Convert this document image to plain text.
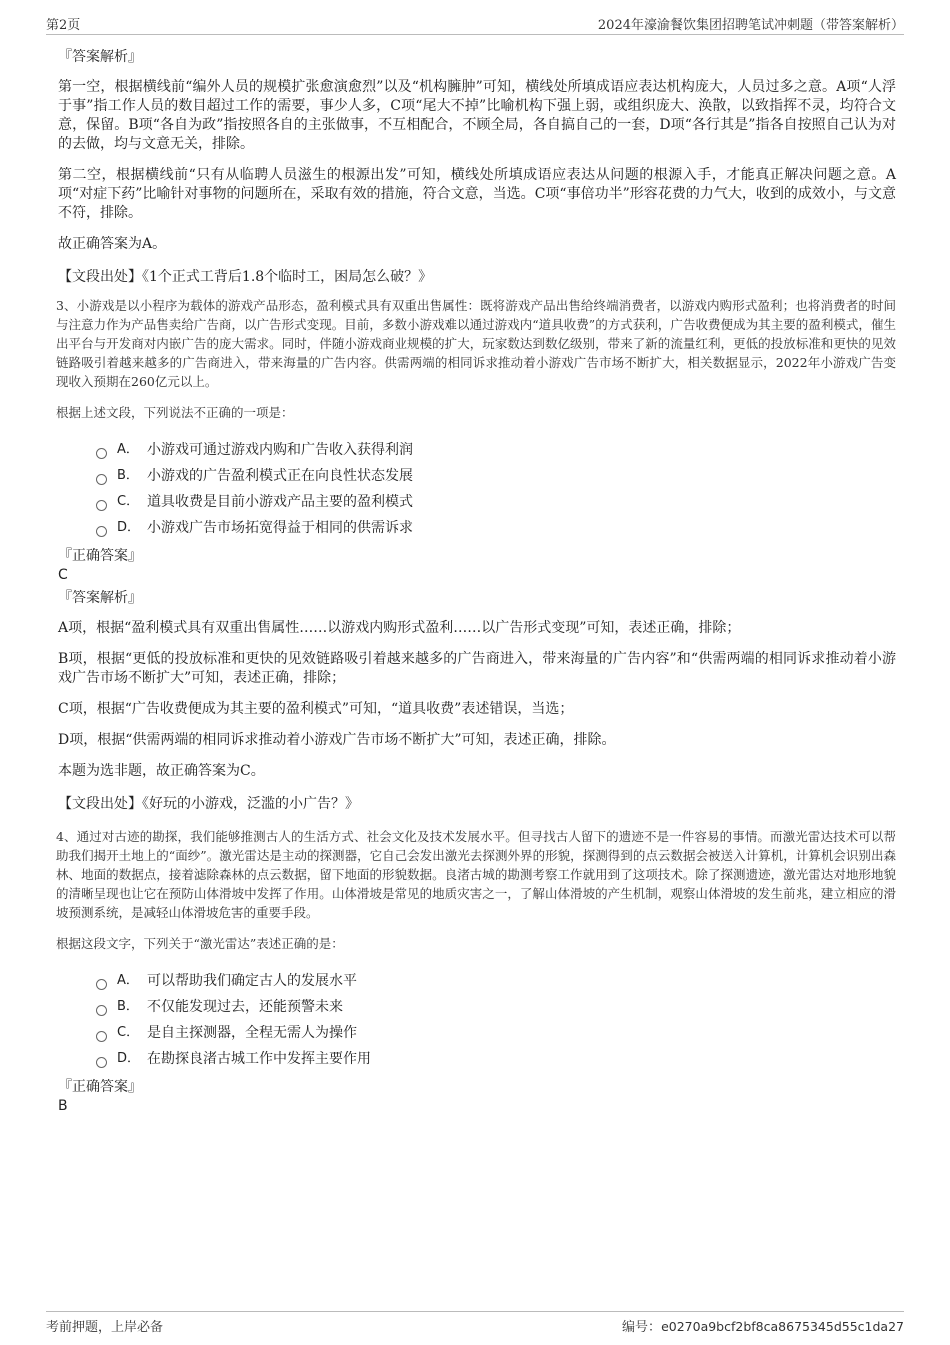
第2页	2024年濠渝餐饮集团招聘笔试冲刺题（带答案解析）
『答案解析』

第一空，根据横线前“编外人员的规模扩张愈演愈烈”以及“机构臃肿”可知，横线处所填成语应表达机构庞大，人员过多之意。A项“人浮于事”指工作人员的数目超过工作的需要，事少人多，C项“尾大不掉”比喻机构下强上弱，或组织庞大、涣散，以致指挥不灵，均符合文意，保留。B项“各自为政”指按照各自的主张做事，不互相配合，不顾全局，各自搞自己的一套，D项“各行其是”指各自按照自己认为对的去做，均与文意无关，排除。

第二空，根据横线前“只有从临聘人员滋生的根源出发”可知，横线处所填成语应表达从问题的根源入手，才能真正解决问题之意。A项“对症下药”比喻针对事物的问题所在，采取有效的措施，符合文意，当选。C项“事倍功半”形容花费的力气大，收到的成效小，与文意不符，排除。

故正确答案为A。

【文段出处】《1个正式工背后1.8个临时工，困局怎么破？》

3、小游戏是以小程序为载体的游戏产品形态，盈利模式具有双重出售属性：既将游戏产品出售给终端消费者，以游戏内购形式盈利；也将消费者的时间与注意力作为产品售卖给广告商，以广告形式变现。目前，多数小游戏难以通过游戏内“道具收费”的方式获利，广告收费便成为其主要的盈利模式，催生出平台与开发商对内嵌广告的庞大需求。同时，伴随小游戏商业规模的扩大，玩家数达到数亿级别，带来了新的流量红利，更低的投放标准和更快的见效链路吸引着越来越多的广告商进入，带来海量的广告内容。供需两端的相同诉求推动着小游戏广告市场不断扩大，相关数据显示，2022年小游戏广告变现收入预期在260亿元以上。

根据上述文段，下列说法不正确的一项是：
A． 小游戏可通过游戏内购和广告收入获得利润
B． 小游戏的广告盈利模式正在向良性状态发展
C． 道具收费是目前小游戏产品主要的盈利模式
D． 小游戏广告市场拓宽得益于相同的供需诉求
『正确答案』
C
『答案解析』

A项，根据“盈利模式具有双重出售属性……以游戏内购形式盈利……以广告形式变现”可知，表述正确，排除；

B项，根据“更低的投放标准和更快的见效链路吸引着越来越多的广告商进入，带来海量的广告内容”和“供需两端的相同诉求推动着小游戏广告市场不断扩大”可知，表述正确，排除；

C项，根据“广告收费便成为其主要的盈利模式”可知，“道具收费”表述错误，当选；

D项，根据“供需两端的相同诉求推动着小游戏广告市场不断扩大”可知，表述正确，排除。

本题为选非题，故正确答案为C。

【文段出处】《好玩的小游戏，泛滥的小广告？》

4、通过对古迹的勘探，我们能够推测古人的生活方式、社会文化及技术发展水平。但寻找古人留下的遗迹不是一件容易的事情。而激光雷达技术可以帮助我们揭开土地上的“面纱”。激光雷达是主动的探测器，它自己会发出激光去探测外界的形貌，探测得到的点云数据会被送入计算机，计算机会识别出森林、地面的数据点，接着滤除森林的点云数据，留下地面的形貌数据。良渚古城的勘测考察工作就用到了这项技术。除了探测遗迹，激光雷达对地形地貌的清晰呈现也让它在预防山体滑坡中发挥了作用。山体滑坡是常见的地质灾害之一，了解山体滑坡的产生机制，观察山体滑坡的发生前兆，建立相应的滑坡预测系统，是减轻山体滑坡危害的重要手段。

根据这段文字，下列关于“激光雷达”表述正确的是：
A． 可以帮助我们确定古人的发展水平
B． 不仅能发现过去，还能预警未来
C． 是自主探测器，全程无需人为操作
D． 在勘探良渚古城工作中发挥主要作用
『正确答案』
B
考前押题，上岸必备	编号：e0270a9bcf2bf8ca8675345d55c1da27
